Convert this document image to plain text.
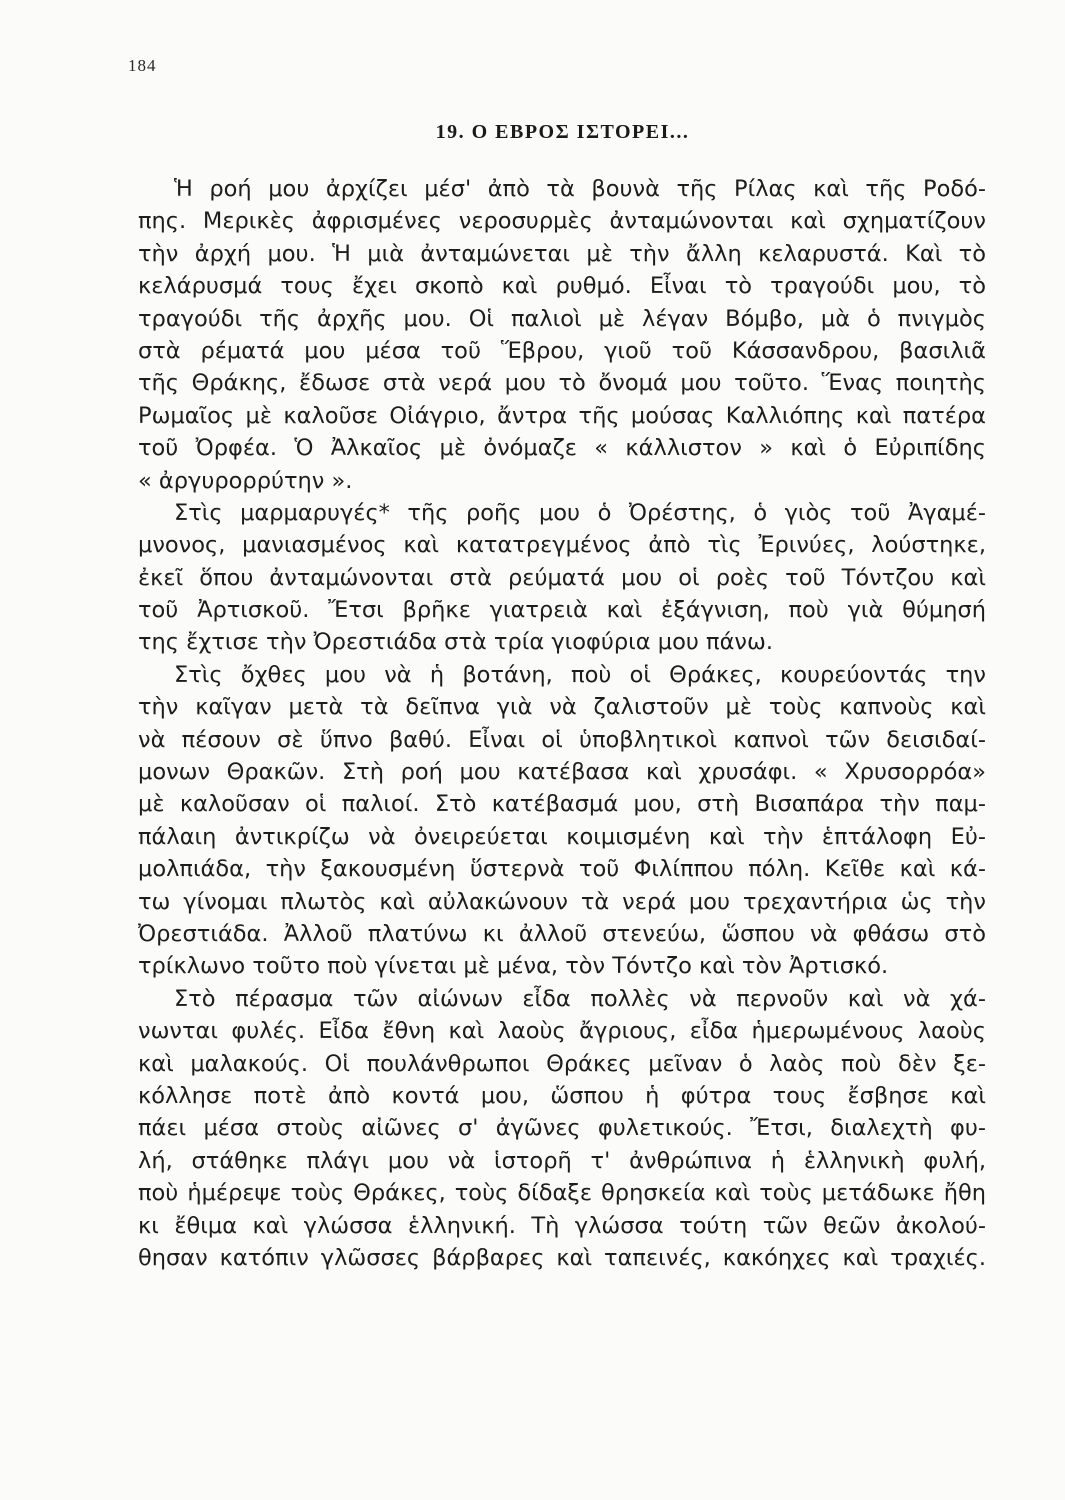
184
19. Ο ΕΒΡΟΣ ΙΣΤΟΡΕΙ...
Ἡ ροή μου ἀρχίζει μέσ' ἀπὸ τὰ βουνὰ τῆς Ρίλας καὶ τῆς Ροδό-
πης. Μερικὲς ἀφρισμένες νεροσυρμὲς ἀνταμώνονται καὶ σχηματίζουν
τὴν ἀρχή μου. Ἡ μιὰ ἀνταμώνεται μὲ τὴν ἄλλη κελαρυστά. Καὶ τὸ
κελάρυσμά τους ἔχει σκοπὸ καὶ ρυθμό. Εἶναι τὸ τραγούδι μου, τὸ
τραγούδι τῆς ἀρχῆς μου. Οἱ παλιοὶ μὲ λέγαν Βόμβο, μὰ ὁ πνιγμὸς
στὰ ρέματά μου μέσα τοῦ Ἕβρου, γιοῦ τοῦ Κάσσανδρου, βασιλιᾶ
τῆς Θράκης, ἔδωσε στὰ νερά μου τὸ ὄνομά μου τοῦτο. Ἕνας ποιητὴς
Ρωμαῖος μὲ καλοῦσε Οἰάγριο, ἄντρα τῆς μούσας Καλλιόπης καὶ πατέρα
τοῦ Ὀρφέα. Ὁ Ἀλκαῖος μὲ ὀνόμαζε « κάλλιστον » καὶ ὁ Εὐριπίδης
« ἀργυρορρύτην ».
Στὶς μαρμαρυγές* τῆς ροῆς μου ὁ Ὀρέστης, ὁ γιὸς τοῦ Ἀγαμέ-
μνονος, μανιασμένος καὶ κατατρεγμένος ἀπὸ τὶς Ἐρινύες, λούστηκε,
ἐκεῖ ὅπου ἀνταμώνονται στὰ ρεύματά μου οἱ ροὲς τοῦ Τόντζου καὶ
τοῦ Ἀρτισκοῦ. Ἔτσι βρῆκε γιατρειὰ καὶ ἐξάγνιση, ποὺ γιὰ θύμησή
της ἔχτισε τὴν Ὀρεστιάδα στὰ τρία γιοφύρια μου πάνω.
Στὶς ὄχθες μου νὰ ἡ βοτάνη, ποὺ οἱ Θράκες, κουρεύοντάς την
τὴν καῖγαν μετὰ τὰ δεῖπνα γιὰ νὰ ζαλιστοῦν μὲ τοὺς καπνοὺς καὶ
νὰ πέσουν σὲ ὕπνο βαθύ. Εἶναι οἱ ὑποβλητικοὶ καπνοὶ τῶν δεισιδαί-
μονων Θρακῶν. Στὴ ροή μου κατέβασα καὶ χρυσάφι. « Χρυσορρόα»
μὲ καλοῦσαν οἱ παλιοί. Στὸ κατέβασμά μου, στὴ Βισαπάρα τὴν παμ-
πάλαιη ἀντικρίζω νὰ ὀνειρεύεται κοιμισμένη καὶ τὴν ἑπτάλοφη Εὐ-
μολπιάδα, τὴν ξακουσμένη ὕστερνὰ τοῦ Φιλίππου πόλη. Κεῖθε καὶ κά-
τω γίνομαι πλωτὸς καὶ αὐλακώνουν τὰ νερά μου τρεχαντήρια ὡς τὴν
Ὀρεστιάδα. Ἀλλοῦ πλατύνω κι ἀλλοῦ στενεύω, ὥσπου νὰ φθάσω στὸ
τρίκλωνο τοῦτο ποὺ γίνεται μὲ μένα, τὸν Τόντζο καὶ τὸν Ἀρτισκό.
Στὸ πέρασμα τῶν αἰώνων εἶδα πολλὲς νὰ περνοῦν καὶ νὰ χά-
νωνται φυλές. Εἶδα ἔθνη καὶ λαοὺς ἄγριους, εἶδα ἡμερωμένους λαοὺς
καὶ μαλακούς. Οἱ πουλάνθρωποι Θράκες μεῖναν ὁ λαὸς ποὺ δὲν ξε-
κόλλησε ποτὲ ἀπὸ κοντά μου, ὥσπου ἡ φύτρα τους ἔσβησε καὶ
πάει μέσα στοὺς αἰῶνες σ' ἀγῶνες φυλετικούς. Ἔτσι, διαλεχτὴ φυ-
λή, στάθηκε πλάγι μου νὰ ἱστορῆ τ' ἀνθρώπινα ἡ ἑλληνικὴ φυλή,
ποὺ ἡμέρεψε τοὺς Θράκες, τοὺς δίδαξε θρησκεία καὶ τοὺς μετάδωκε ἤθη
κι ἔθιμα καὶ γλώσσα ἑλληνική. Τὴ γλώσσα τούτη τῶν θεῶν ἀκολού-
θησαν κατόπιν γλῶσσες βάρβαρες καὶ ταπεινές, κακόηχες καὶ τραχιές.
